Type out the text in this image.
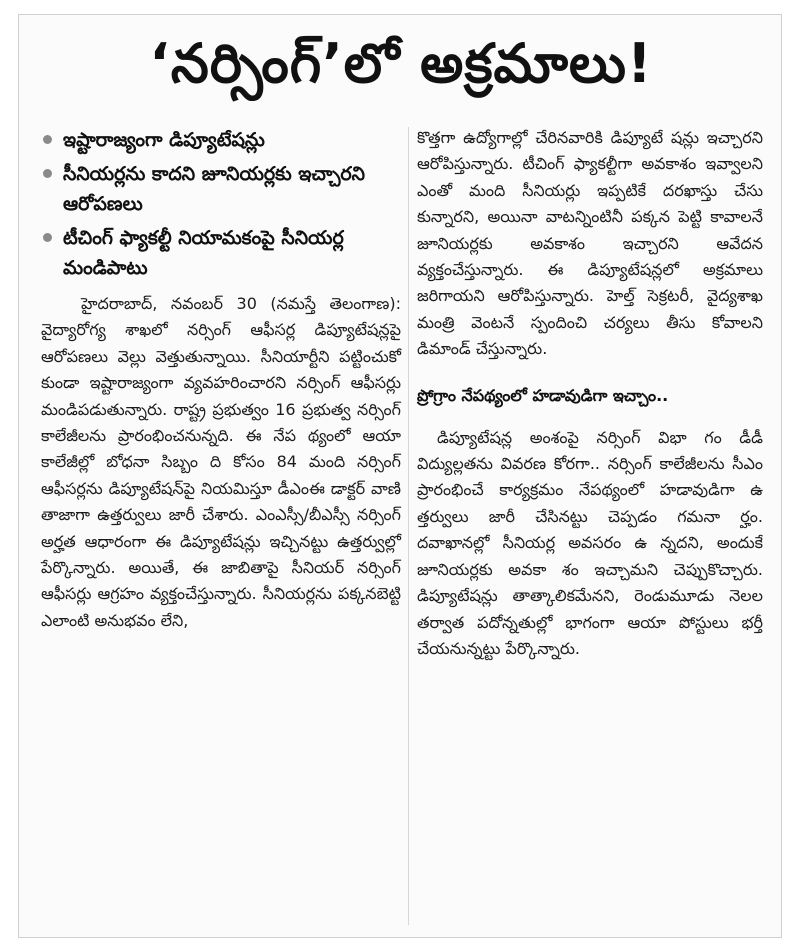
‘నర్సింగ్’లో అక్రమాలు!
ఇష్టారాజ్యంగా డిప్యూటేషన్లు
సీనియర్లను కాదని జూనియర్లకు ఇచ్చారని ఆరోపణలు
టీచింగ్ ఫ్యాకల్టీ నియామకంపై సీనియర్ల మండిపాటు

హైదరాబాద్, నవంబర్ 30 (నమస్తే తెలంగాణ): వైద్యారోగ్య శాఖలో నర్సింగ్ ఆఫీసర్ల డిప్యూటేషన్లపై ఆరోపణలు వెల్లు వెత్తుతున్నాయి. సీనియార్టీని పట్టించుకో కుండా ఇష్టారాజ్యంగా వ్యవహరించారని నర్సింగ్ ఆఫీసర్లు మండిపడుతున్నారు. రాష్ట్ర ప్రభుత్వం 16 ప్రభుత్వ నర్సింగ్ కాలేజీలను ప్రారంభించనున్నది. ఈ నేప థ్యంలో ఆయా కాలేజీల్లో బోధనా సిబ్బం ది కోసం 84 మంది నర్సింగ్ ఆఫీసర్లను డిప్యూటేషన్‌పై నియమిస్తూ డీఎంఈ డాక్టర్ వాణి తాజాగా ఉత్తర్వులు జారీ చేశారు. ఎంఎస్సీ/బీఎస్సీ నర్సింగ్ అర్హత ఆధారంగా ఈ డిప్యూటేషన్లు ఇచ్చినట్టు ఉత్తర్వుల్లో పేర్కొన్నారు. అయితే, ఈ జాబితాపై సీనియర్ నర్సింగ్ ఆఫీసర్లు ఆగ్రహం వ్యక్తంచేస్తున్నారు. సీనియర్లను పక్కనబెట్టి ఎలాంటి అనుభవం లేని,

కొత్తగా ఉద్యోగాల్లో చేరినవారికి డిప్యూటే షన్లు ఇచ్చారని ఆరోపిస్తున్నారు. టీచింగ్ ఫ్యాకల్టీగా అవకాశం ఇవ్వాలని ఎంతో మంది సీనియర్లు ఇప్పటికే దరఖాస్తు చేసు కున్నారని, అయినా వాటన్నింటినీ పక్కన పెట్టి కావాలనే జూనియర్లకు అవకాశం ఇచ్చారని ఆవేదన వ్యక్తంచేస్తున్నారు. ఈ డిప్యూటేషన్లలో అక్రమాలు జరిగాయని ఆరోపిస్తున్నారు. హెల్త్ సెక్రటరీ, వైద్యశాఖ మంత్రి వెంటనే స్పందించి చర్యలు తీసు కోవాలని డిమాండ్ చేస్తున్నారు.

ప్రోగ్రాం నేపథ్యంలో హడావుడిగా ఇచ్చాం..

డిప్యూటేషన్ల అంశంపై నర్సింగ్ విభా గం డీడీ విద్యుల్లతను వివరణ కోరగా.. నర్సింగ్ కాలేజీలను సీఎం ప్రారంభించే కార్యక్రమం నేపథ్యంలో హడావుడిగా ఉ త్తర్వులు జారీ చేసినట్టు చెప్పడం గమనా ర్హం. దవాఖానల్లో సీనియర్ల అవసరం ఉ న్నదని, అందుకే జూనియర్లకు అవకా శం ఇచ్చామని చెప్పుకొచ్చారు. డిప్యూటేషన్లు తాత్కాలికమేనని, రెండుమూడు నెలల తర్వాత పదోన్నతుల్లో భాగంగా ఆయా పోస్టులు భర్తీ చేయనున్నట్టు పేర్కొన్నారు.
